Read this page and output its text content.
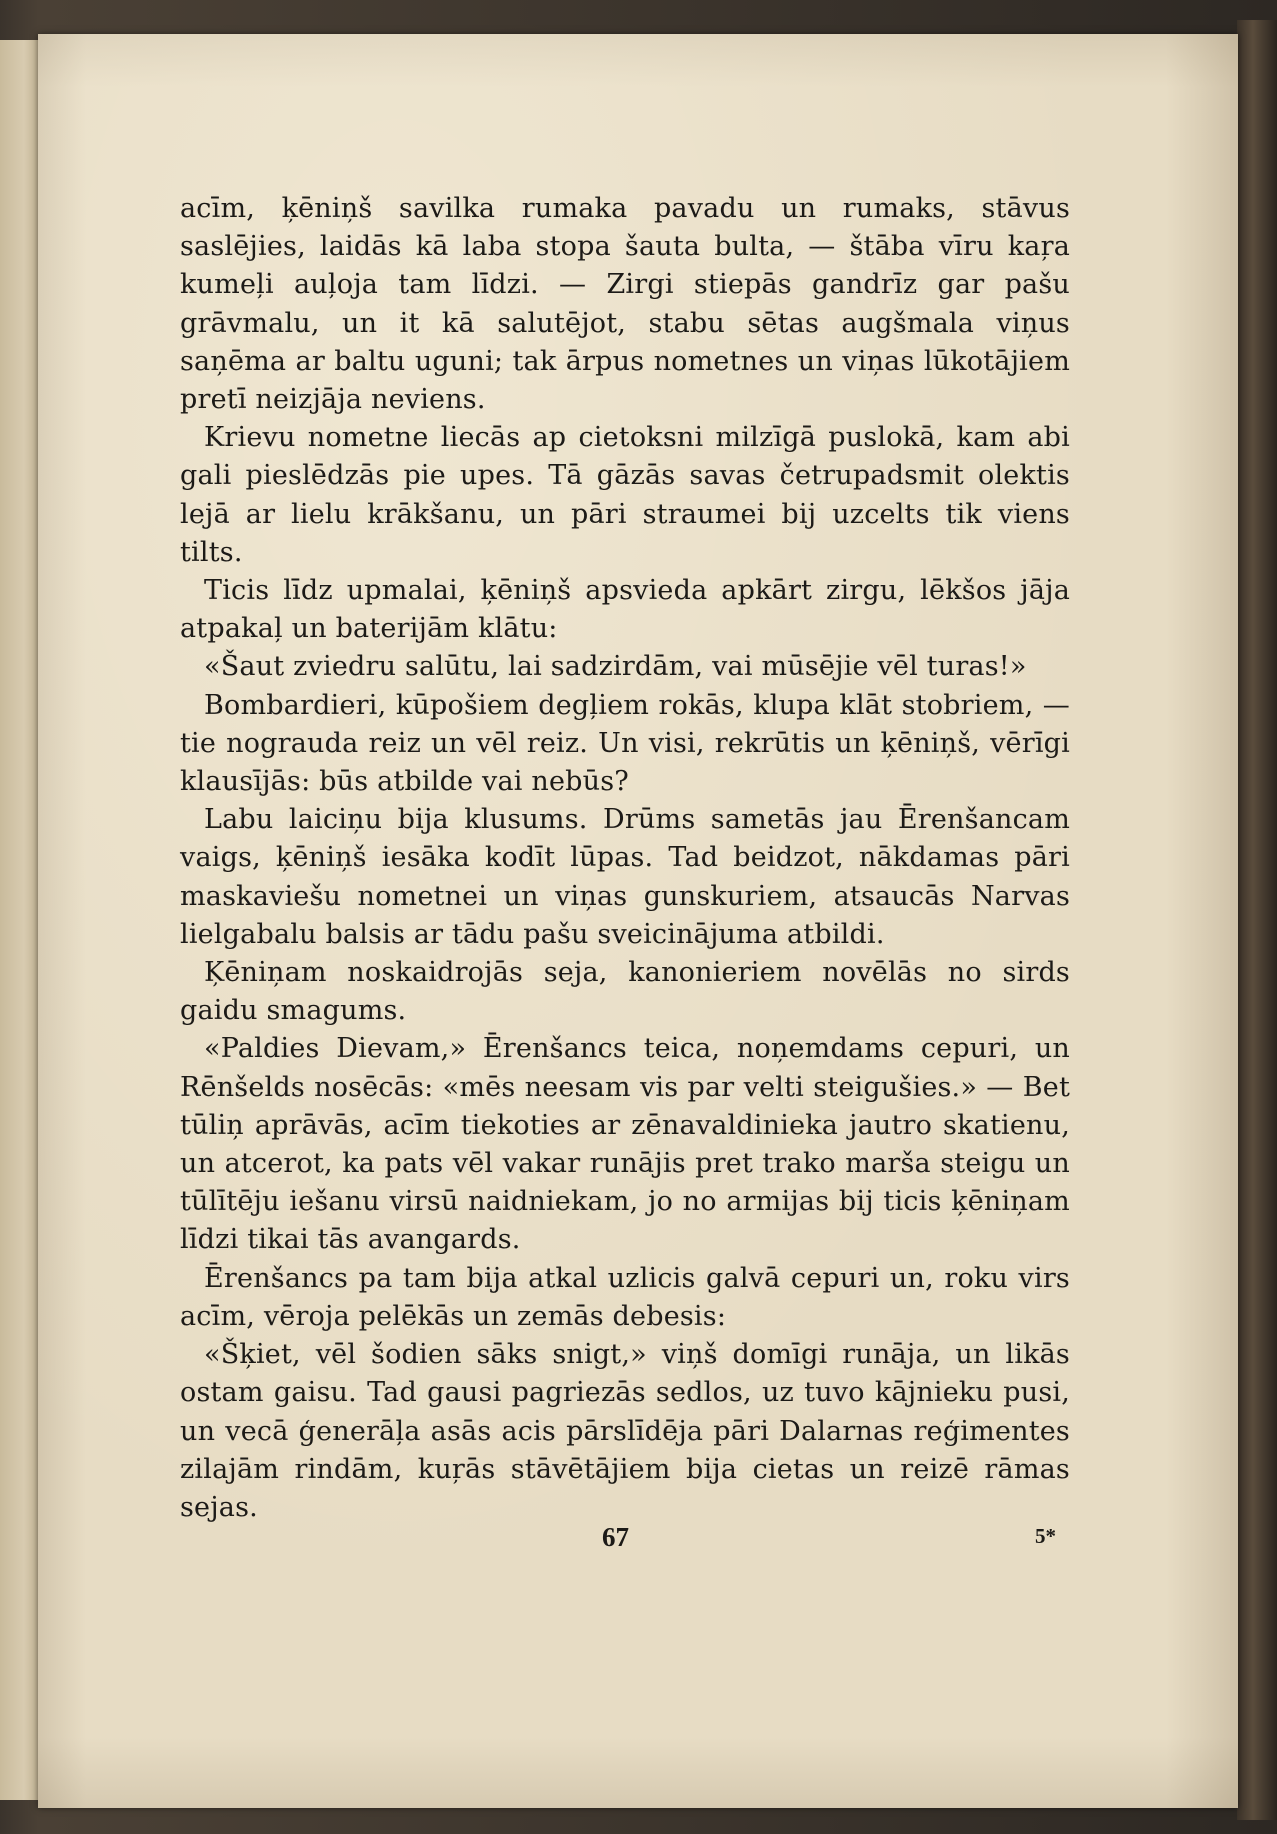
acīm, ķēniņš savilka rumaka pavadu un rumaks, stāvus saslējies, laidās kā laba stopa šauta bulta, — štāba vīru kaŗa kumeļi auļoja tam līdzi. — Zirgi stiepās gandrīz gar pašu grāvmalu, un it kā salutējot, stabu sētas augšmala viņus saņēma ar baltu uguni; tak ārpus nometnes un viņas lūkotājiem pretī neizjāja neviens.

Krievu nometne liecās ap cietoksni milzīgā puslokā, kam abi gali pieslēdzās pie upes. Tā gāzās savas četrupadsmit olektis lejā ar lielu krākšanu, un pāri straumei bij uzcelts tik viens tilts.

Ticis līdz upmalai, ķēniņš apsvieda apkārt zirgu, lēkšos jāja atpakaļ un baterijām klātu:

«Šaut zviedru salūtu, lai sadzirdām, vai mūsējie vēl turas!»

Bombardieri, kūpošiem degļiem rokās, klupa klāt stobriem, — tie nograuda reiz un vēl reiz. Un visi, rekrūtis un ķēniņš, vērīgi klausījās: būs atbilde vai nebūs?

Labu laiciņu bija klusums. Drūms sametās jau Ērenšancam vaigs, ķēniņš iesāka kodīt lūpas. Tad beidzot, nākdamas pāri maskaviešu nometnei un viņas gunskuriem, atsaucās Narvas lielgabalu balsis ar tādu pašu sveicinājuma atbildi.

Ķēniņam noskaidrojās seja, kanonieriem novēlās no sirds gaidu smagums.

«Paldies Dievam,» Ērenšancs teica, noņemdams cepuri, un Rēnšelds nosēcās: «mēs neesam vis par velti steigušies.» — Bet tūliņ aprāvās, acīm tiekoties ar zēnavaldinieka jautro skatienu, un atcerot, ka pats vēl vakar runājis pret trako marša steigu un tūlītēju iešanu virsū naidniekam, jo no armijas bij ticis ķēniņam līdzi tikai tās avangards.

Ērenšancs pa tam bija atkal uzlicis galvā cepuri un, roku virs acīm, vēroja pelēkās un zemās debesis:

«Šķiet, vēl šodien sāks snigt,» viņš domīgi runāja, un likās ostam gaisu. Tad gausi pagriezās sedlos, uz tuvo kājnieku pusi, un vecā ģenerāļa asās acis pārslīdēja pāri Dalarnas reģimentes zilajām rindām, kuŗās stāvētājiem bija cietas un reizē rāmas sejas.

67	5*
